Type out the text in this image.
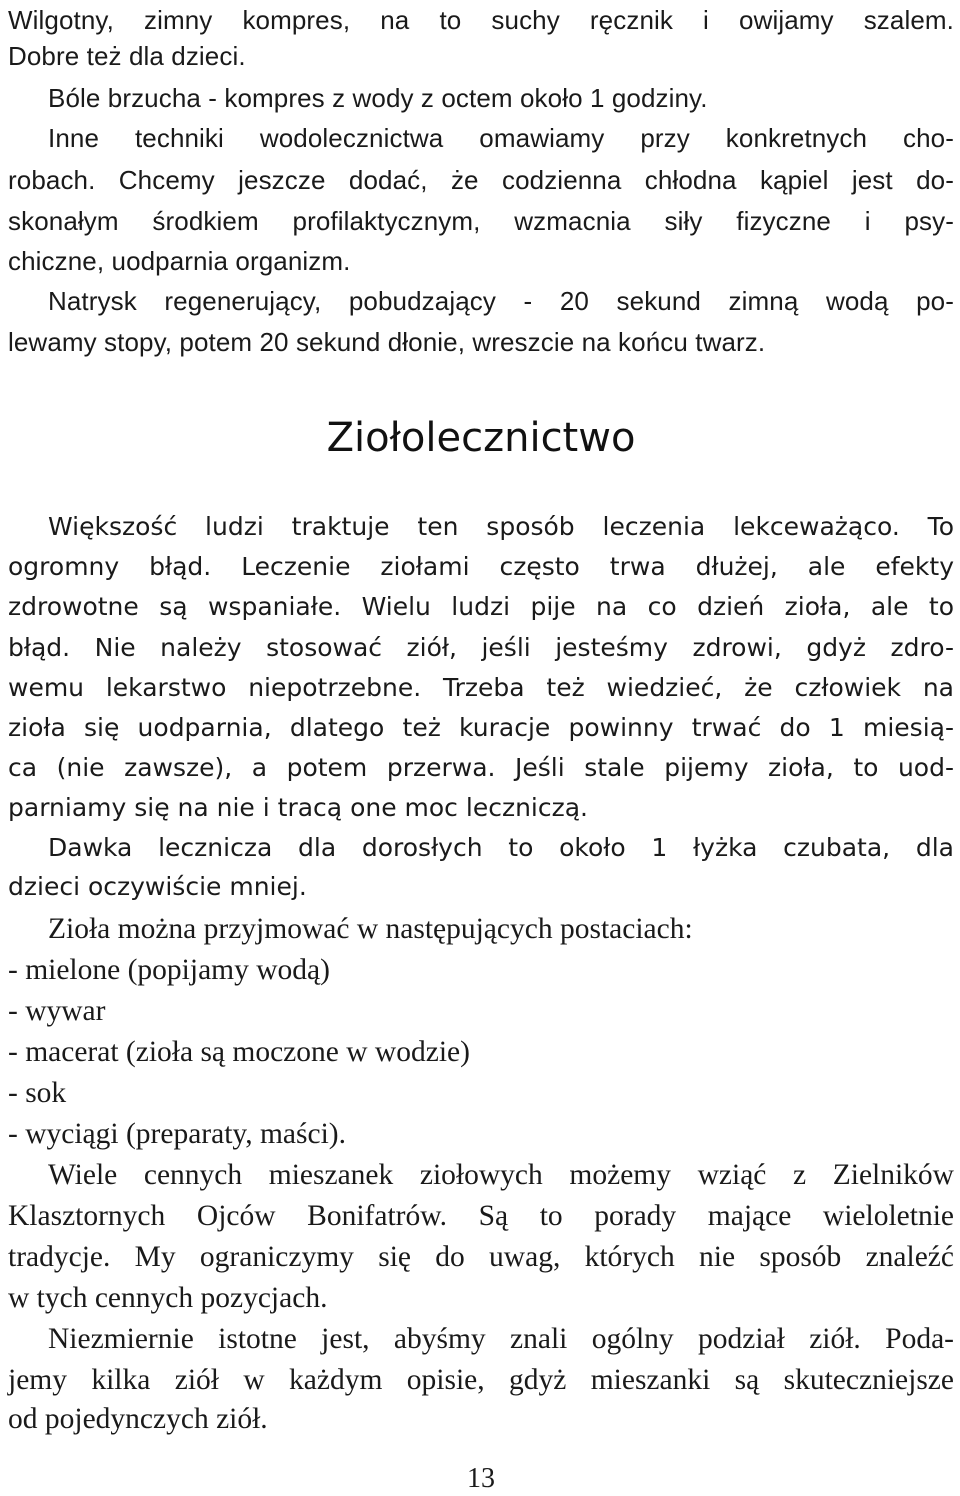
Wilgotny, zimny kompres, na to suchy ręcznik i owijamy szalem.
Dobre też dla dzieci.
Bóle brzucha - kompres z wody z octem około 1 godziny.
Inne techniki wodolecznictwa omawiamy przy konkretnych cho-
robach. Chcemy jeszcze dodać, że codzienna chłodna kąpiel jest do-
skonałym środkiem profilaktycznym, wzmacnia siły fizyczne i psy-
chiczne, uodparnia organizm.
Natrysk regenerujący, pobudzający - 20 sekund zimną wodą po-
lewamy stopy, potem 20 sekund dłonie, wreszcie na końcu twarz.
Ziołolecznictwo
Większość ludzi traktuje ten sposób leczenia lekceważąco. To
ogromny błąd. Leczenie ziołami często trwa dłużej, ale efekty
zdrowotne są wspaniałe. Wielu ludzi pije na co dzień zioła, ale to
błąd. Nie należy stosować ziół, jeśli jesteśmy zdrowi, gdyż zdro-
wemu lekarstwo niepotrzebne. Trzeba też wiedzieć, że człowiek na
zioła się uodparnia, dlatego też kuracje powinny trwać do 1 miesią-
ca (nie zawsze), a potem przerwa. Jeśli stale pijemy zioła, to uod-
parniamy się na nie i tracą one moc leczniczą.
Dawka lecznicza dla dorosłych to około 1 łyżka czubata, dla
dzieci oczywiście mniej.
Zioła można przyjmować w następujących postaciach:
- mielone (popijamy wodą)
- wywar
- macerat (zioła są moczone w wodzie)
- sok
- wyciągi (preparaty, maści).
Wiele cennych mieszanek ziołowych możemy wziąć z Zielników
Klasztornych Ojców Bonifatrów. Są to porady mające wieloletnie
tradycje. My ograniczymy się do uwag, których nie sposób znaleźć
w tych cennych pozycjach.
Niezmiernie istotne jest, abyśmy znali ogólny podział ziół. Poda-
jemy kilka ziół w każdym opisie, gdyż mieszanki są skuteczniejsze
od pojedynczych ziół.
13
